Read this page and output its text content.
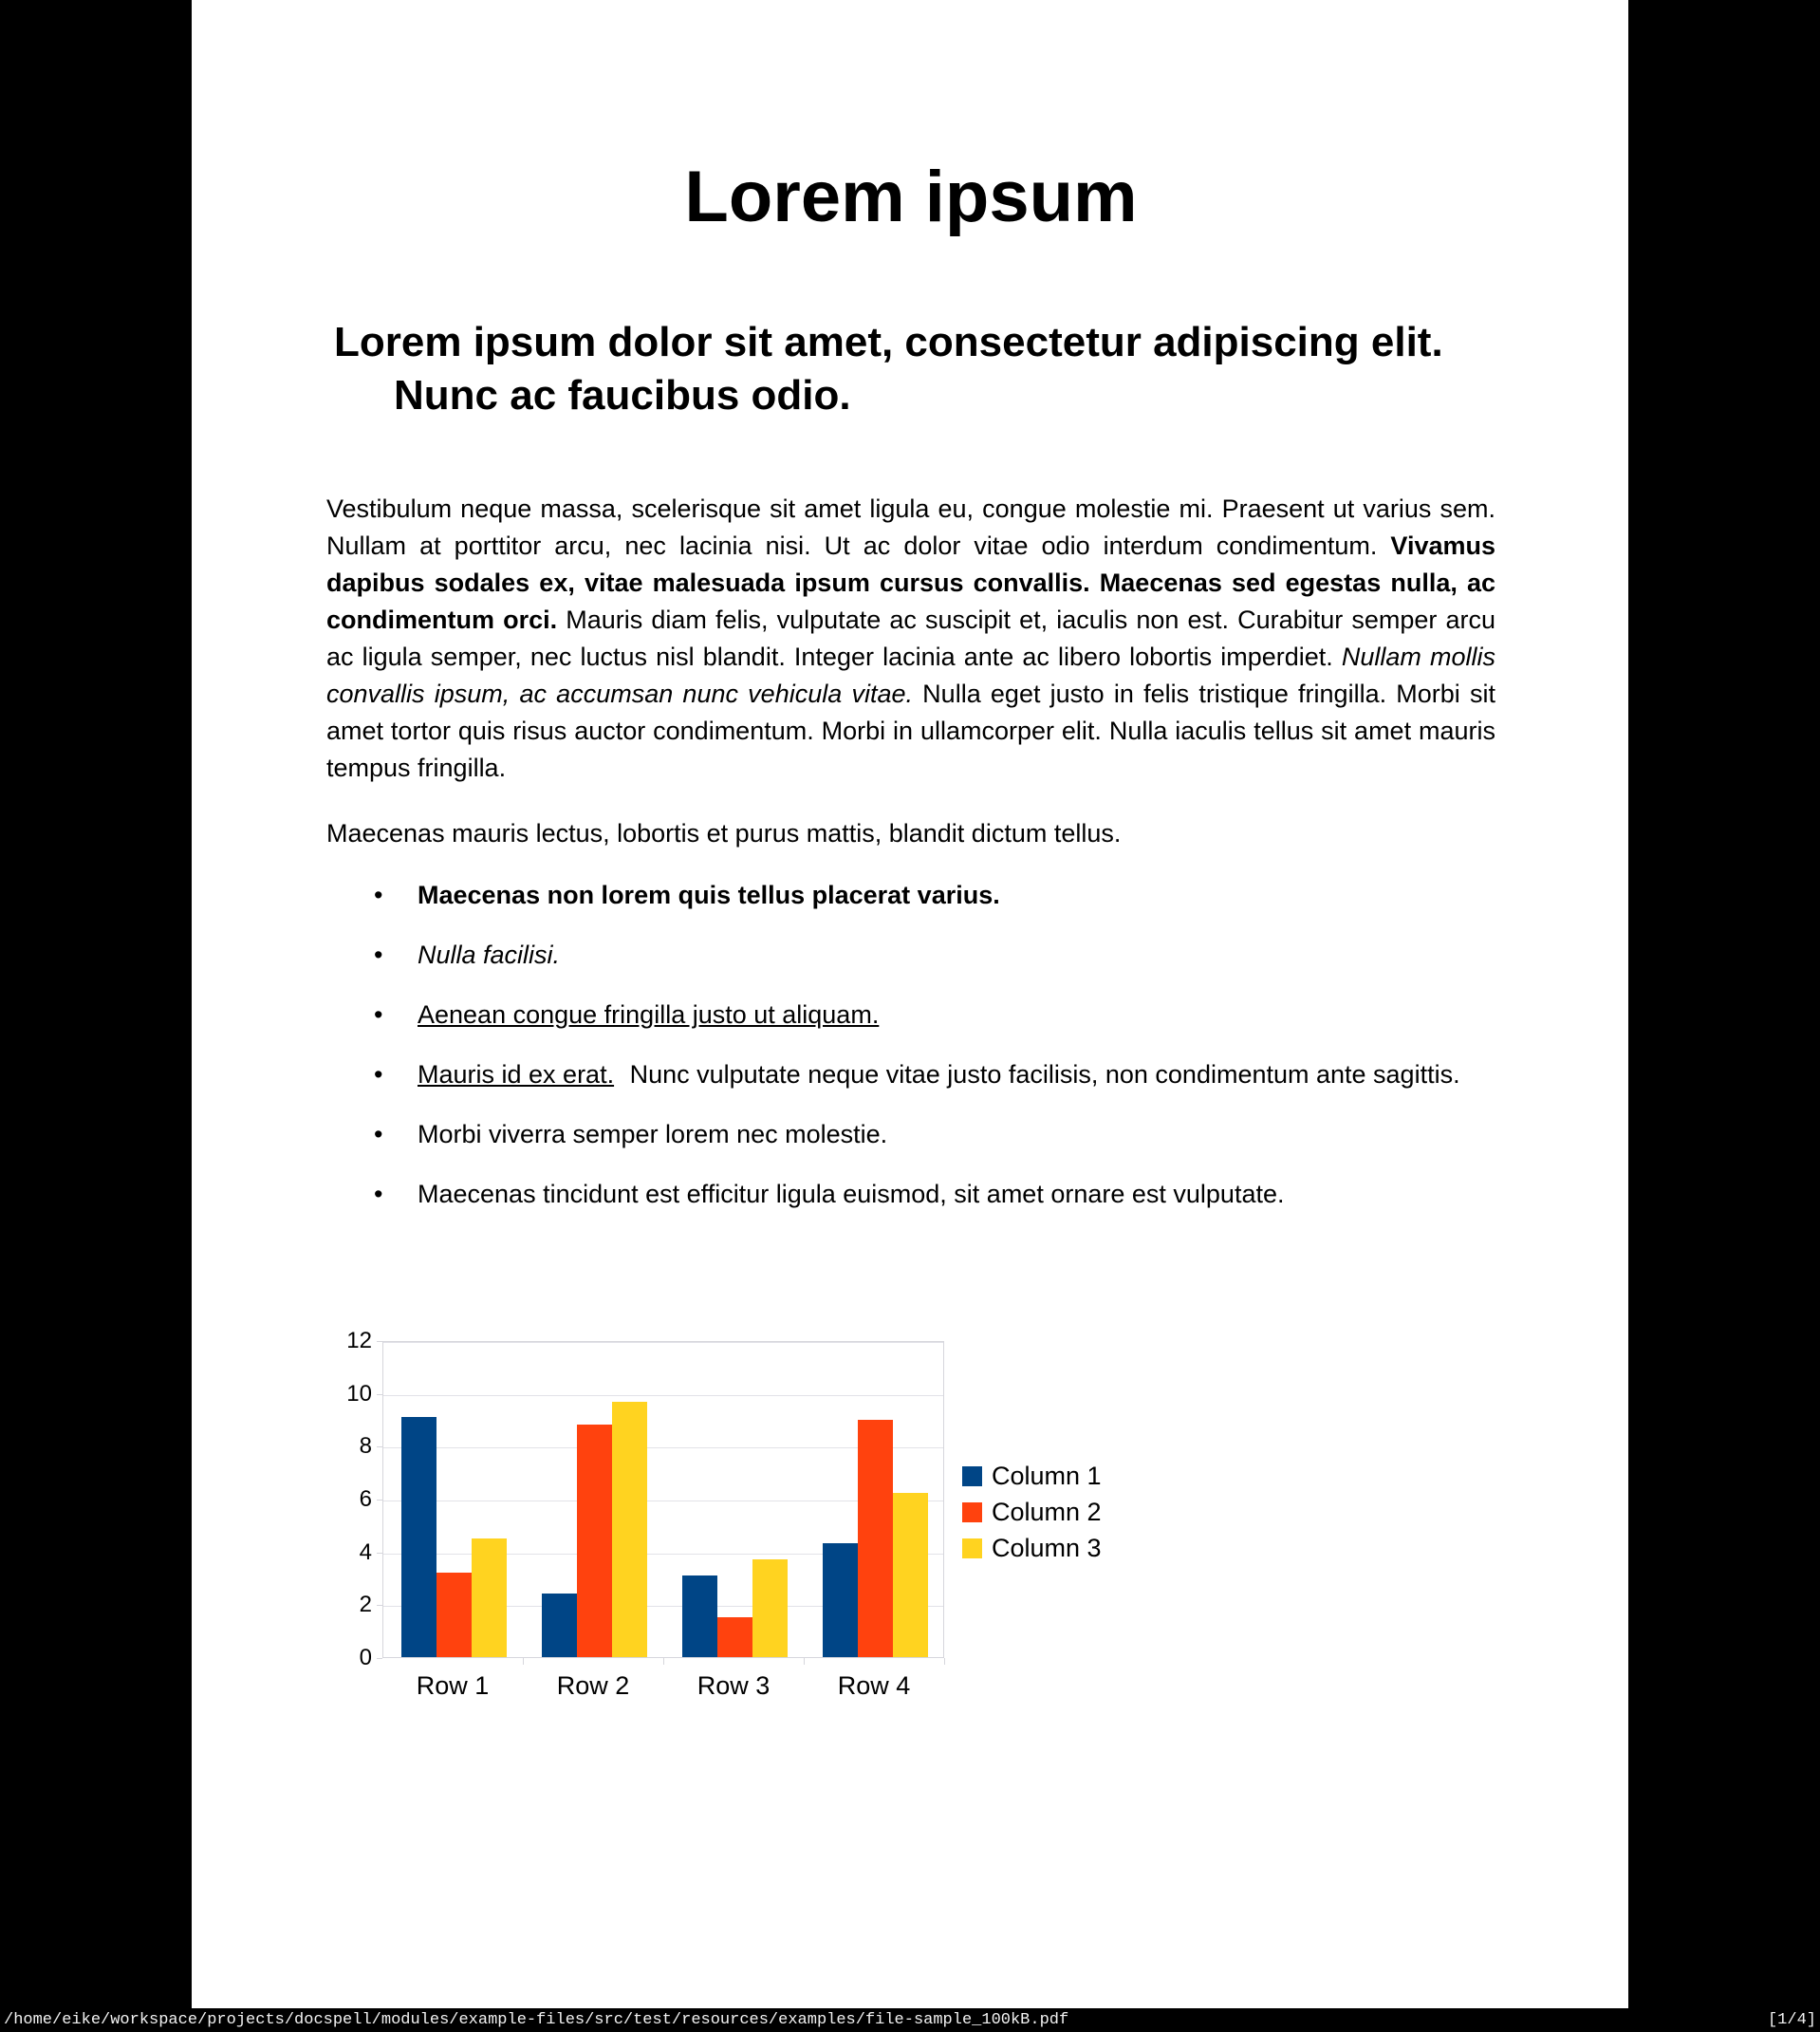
Lorem ipsum
Lorem ipsum dolor sit amet, consectetur adipiscing elit. Nunc ac faucibus odio.

Vestibulum neque massa, scelerisque sit amet ligula eu, congue molestie mi. Praesent ut varius sem. Nullam at porttitor arcu, nec lacinia nisi. Ut ac dolor vitae odio interdum condimentum. Vivamus dapibus sodales ex, vitae malesuada ipsum cursus convallis. Maecenas sed egestas nulla, ac condimentum orci. Mauris diam felis, vulputate ac suscipit et, iaculis non est. Curabitur semper arcu ac ligula semper, nec luctus nisl blandit. Integer lacinia ante ac libero lobortis imperdiet. Nullam mollis convallis ipsum, ac accumsan nunc vehicula vitae. Nulla eget justo in felis tristique fringilla. Morbi sit amet tortor quis risus auctor condimentum. Morbi in ullamcorper elit. Nulla iaculis tellus sit amet mauris tempus fringilla.

Maecenas mauris lectus, lobortis et purus mattis, blandit dictum tellus.

• Maecenas non lorem quis tellus placerat varius.
• Nulla facilisi.
• Aenean congue fringilla justo ut aliquam.
• Mauris id ex erat. Nunc vulputate neque vitae justo facilisis, non condimentum ante sagittis.
• Morbi viverra semper lorem nec molestie.
• Maecenas tincidunt est efficitur ligula euismod, sit amet ornare est vulputate.
0
2
4
6
8
10
12
Row 1	Row 2	Row 3	Row 4
Column 1
Column 2
Column 3
/home/eike/workspace/projects/docspell/modules/example-files/src/test/resources/examples/file-sample_100kB.pdf	[1/4]
